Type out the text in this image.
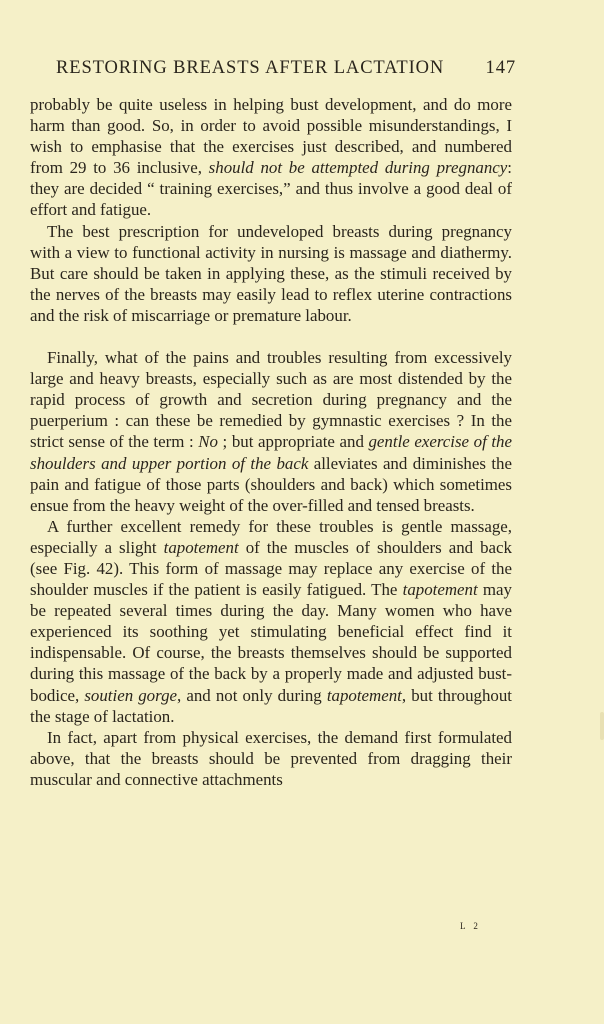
RESTORING BREASTS AFTER LACTATION 147

probably be quite useless in helping bust development, and do more harm than good. So, in order to avoid possible misunderstandings, I wish to emphasise that the exercises just described, and numbered from 29 to 36 inclusive, should not be attempted during pregnancy: they are decided “ training exercises,” and thus involve a good deal of effort and fatigue.

The best prescription for undeveloped breasts during pregnancy with a view to functional activity in nursing is massage and diathermy. But care should be taken in applying these, as the stimuli received by the nerves of the breasts may easily lead to reflex uterine contractions and the risk of miscarriage or premature labour.

Finally, what of the pains and troubles resulting from excessively large and heavy breasts, especially such as are most distended by the rapid process of growth and secretion during pregnancy and the puerperium : can these be remedied by gymnastic exercises ? In the strict sense of the term : No ; but appropriate and gentle exercise of the shoulders and upper portion of the back alleviates and diminishes the pain and fatigue of those parts (shoulders and back) which sometimes ensue from the heavy weight of the over-filled and tensed breasts.

A further excellent remedy for these troubles is gentle massage, especially a slight tapotement of the muscles of shoulders and back (see Fig. 42). This form of massage may replace any exercise of the shoulder muscles if the patient is easily fatigued. The tapotement may be repeated several times during the day. Many women who have experienced its soothing yet stimulating beneficial effect find it indispensable. Of course, the breasts themselves should be supported during this massage of the back by a properly made and adjusted bust-bodice, soutien gorge, and not only during tapotement, but throughout the stage of lactation.

In fact, apart from physical exercises, the demand first formulated above, that the breasts should be prevented from dragging their muscular and connective attachments

L 2
